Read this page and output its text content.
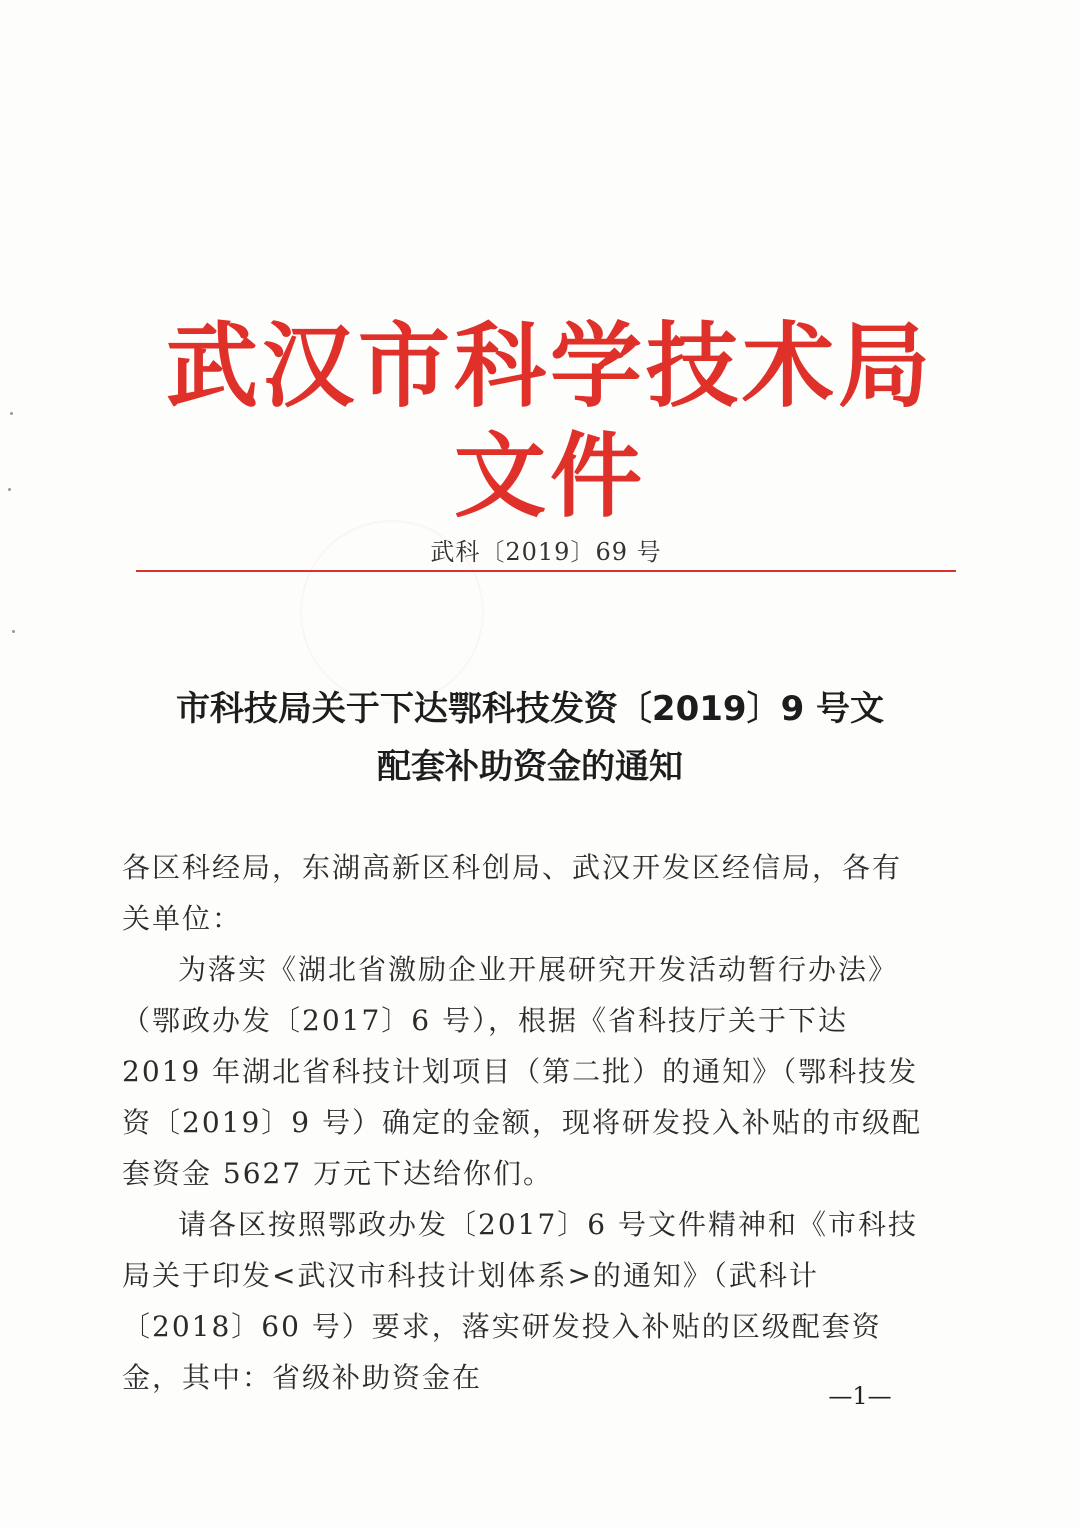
武汉市科学技术局文件
武科〔2019〕69 号
市科技局关于下达鄂科技发资〔2019〕9 号文
配套补助资金的通知

各区科经局，东湖高新区科创局、武汉开发区经信局，各有关单位：

为落实《湖北省激励企业开展研究开发活动暂行办法》（鄂政办发〔2017〕6 号），根据《省科技厅关于下达 2019 年湖北省科技计划项目（第二批）的通知》（鄂科技发资〔2019〕9 号）确定的金额，现将研发投入补贴的市级配套资金 5627 万元下达给你们。

请各区按照鄂政办发〔2017〕6 号文件精神和《市科技局关于印发<武汉市科技计划体系>的通知》（武科计〔2018〕60 号）要求，落实研发投入补贴的区级配套资金，其中：省级补助资金在

—1—
